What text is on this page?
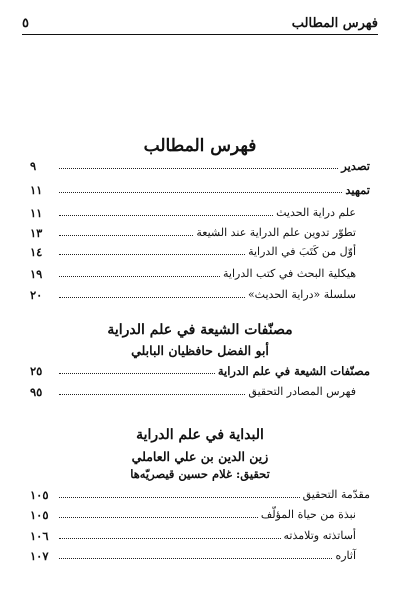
فهرس المطالب
٥
فهرس المطالب
تصدير
٩
تمهيد
١١
علم دراية الحديث
١١
تطوّر تدوين علم الدراية عند الشيعة
١٣
أوّل من كَتَبَ في الدراية
١٤
هيكلية البحث في كتب الدراية
١٩
سلسلة «دراية الحديث»
٢٠
مصنّفات الشيعة في علم الدراية
أبو الفضل حافظيان البابلي
مصنّفات الشيعة في علم الدراية
٢٥
فهرس المصادر التحقيق
٩٥
البداية في علم الدراية
زين الدين بن علي العاملي
تحقيق: غلام حسين قيصريّه‌ها
مقدّمة التحقيق
١٠٥
نبذة من حياة المؤلّف
١٠٥
أساتذته وتلامذته
١٠٦
آثاره
١٠٧
